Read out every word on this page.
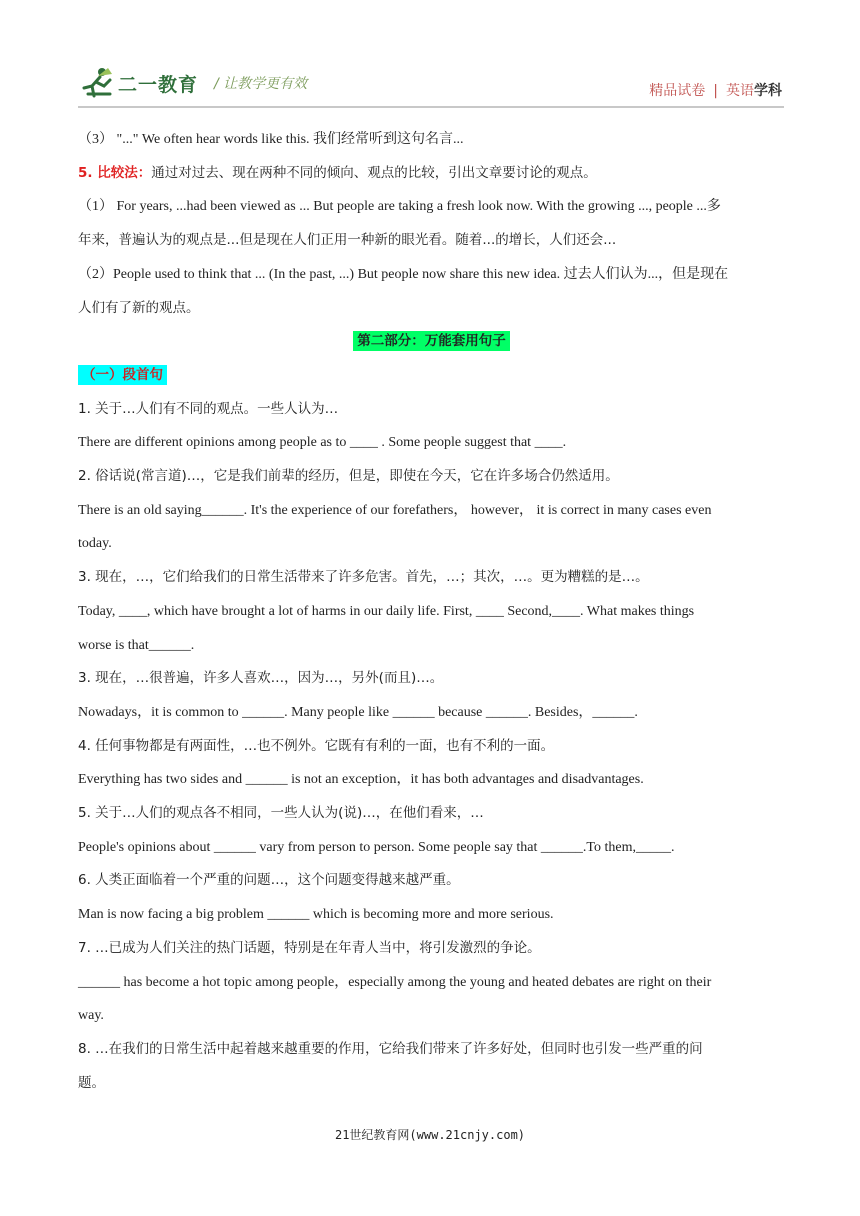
二一教育 / 让教学更有效	精品试卷 | 英语学科

（3） "..." We often hear words like this. 我们经常听到这句名言...

5. 比较法：通过对过去、现在两种不同的倾向、观点的比较，引出文章要讨论的观点。

（1） For years, ...had been viewed as ... But people are taking a fresh look now. With the growing ..., people ...多

年来，普遍认为的观点是...但是现在人们正用一种新的眼光看。随着...的增长，人们还会...

（2）People used to think that ... (In the past, ...) But people now share this new idea. 过去人们认为...，但是现在

人们有了新的观点。

第二部分：万能套用句子

（一）段首句

1. 关于…人们有不同的观点。一些人认为…

There are different opinions among people as to ____ . Some people suggest that ____.

2. 俗话说(常言道)…，它是我们前辈的经历，但是，即使在今天，它在许多场合仍然适用。

There is an old saying______. It's the experience of our forefathers， however， it is correct in many cases even

today.

3. 现在，…，它们给我们的日常生活带来了许多危害。首先，…；其次，…。更为糟糕的是…。

Today, ____, which have brought a lot of harms in our daily life. First, ____ Second,____. What makes things

worse is that______.

3. 现在，…很普遍，许多人喜欢…，因为…，另外(而且)…。

Nowadays，it is common to ______. Many people like ______ because ______. Besides，______.

4. 任何事物都是有两面性，…也不例外。它既有有利的一面，也有不利的一面。

Everything has two sides and ______ is not an exception，it has both advantages and disadvantages.

5. 关于…人们的观点各不相同，一些人认为(说)…，在他们看来，…

People's opinions about ______ vary from person to person. Some people say that ______.To them,_____.

6. 人类正面临着一个严重的问题…，这个问题变得越来越严重。

Man is now facing a big problem ______ which is becoming more and more serious.

7. …已成为人们关注的热门话题，特别是在年青人当中，将引发激烈的争论。

______ has become a hot topic among people，especially among the young and heated debates are right on their

way.

8. …在我们的日常生活中起着越来越重要的作用，它给我们带来了许多好处，但同时也引发一些严重的问

题。

21世纪教育网(www.21cnjy.com)
